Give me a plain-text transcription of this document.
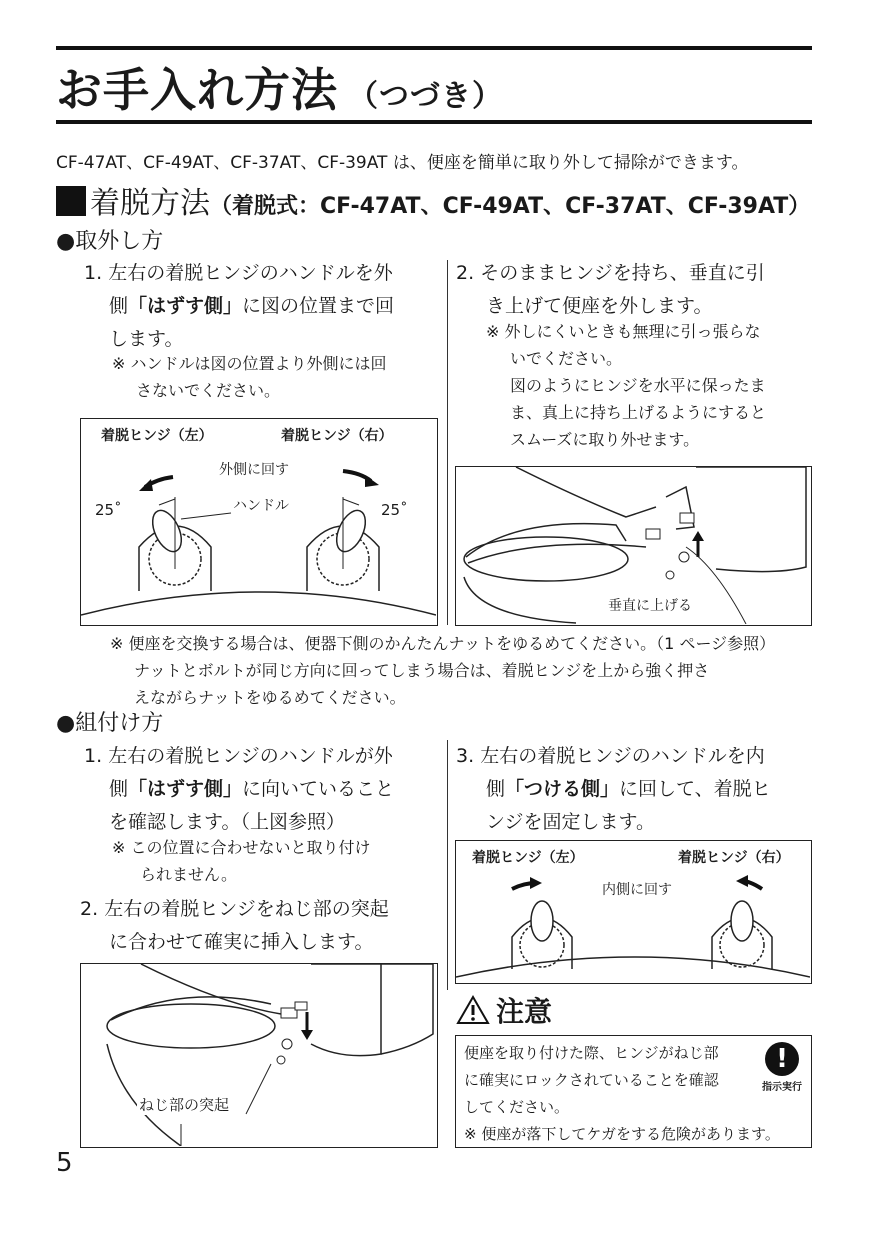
お手入れ方法 （つづき）
CF-47AT、CF-49AT、CF-37AT、CF-39AT は、便座を簡単に取り外して掃除ができます。
着脱方法（着脱式：CF-47AT、CF-49AT、CF-37AT、CF-39AT）
●取外し方
1. 左右の着脱ヒンジのハンドルを外
側「はずす側」に図の位置まで回
します。
※ ハンドルは図の位置より外側には回
さないでください。
着脱ヒンジ（左）	着脱ヒンジ（右）
外側に回す
ハンドル
25˚	25˚
2. そのままヒンジを持ち、垂直に引
き上げて便座を外します。
※ 外しにくいときも無理に引っ張らな
いでください。
図のようにヒンジを水平に保ったま
ま、真上に持ち上げるようにすると
スムーズに取り外せます。
垂直に上げる
※ 便座を交換する場合は、便器下側のかんたんナットをゆるめてください。（1 ページ参照）
ナットとボルトが同じ方向に回ってしまう場合は、着脱ヒンジを上から強く押さ
えながらナットをゆるめてください。
●組付け方
1. 左右の着脱ヒンジのハンドルが外
側「はずす側」に向いていること
を確認します。（上図参照）
※ この位置に合わせないと取り付け
られません。
2. 左右の着脱ヒンジをねじ部の突起
に合わせて確実に挿入します。
ねじ部の突起
3. 左右の着脱ヒンジのハンドルを内
側「つける側」に回して、着脱ヒ
ンジを固定します。
着脱ヒンジ（左）	着脱ヒンジ（右）
内側に回す
注意
便座を取り付けた際、ヒンジがねじ部
に確実にロックされていることを確認
してください。
※ 便座が落下してケガをする危険があります。
!
指示実行
5
